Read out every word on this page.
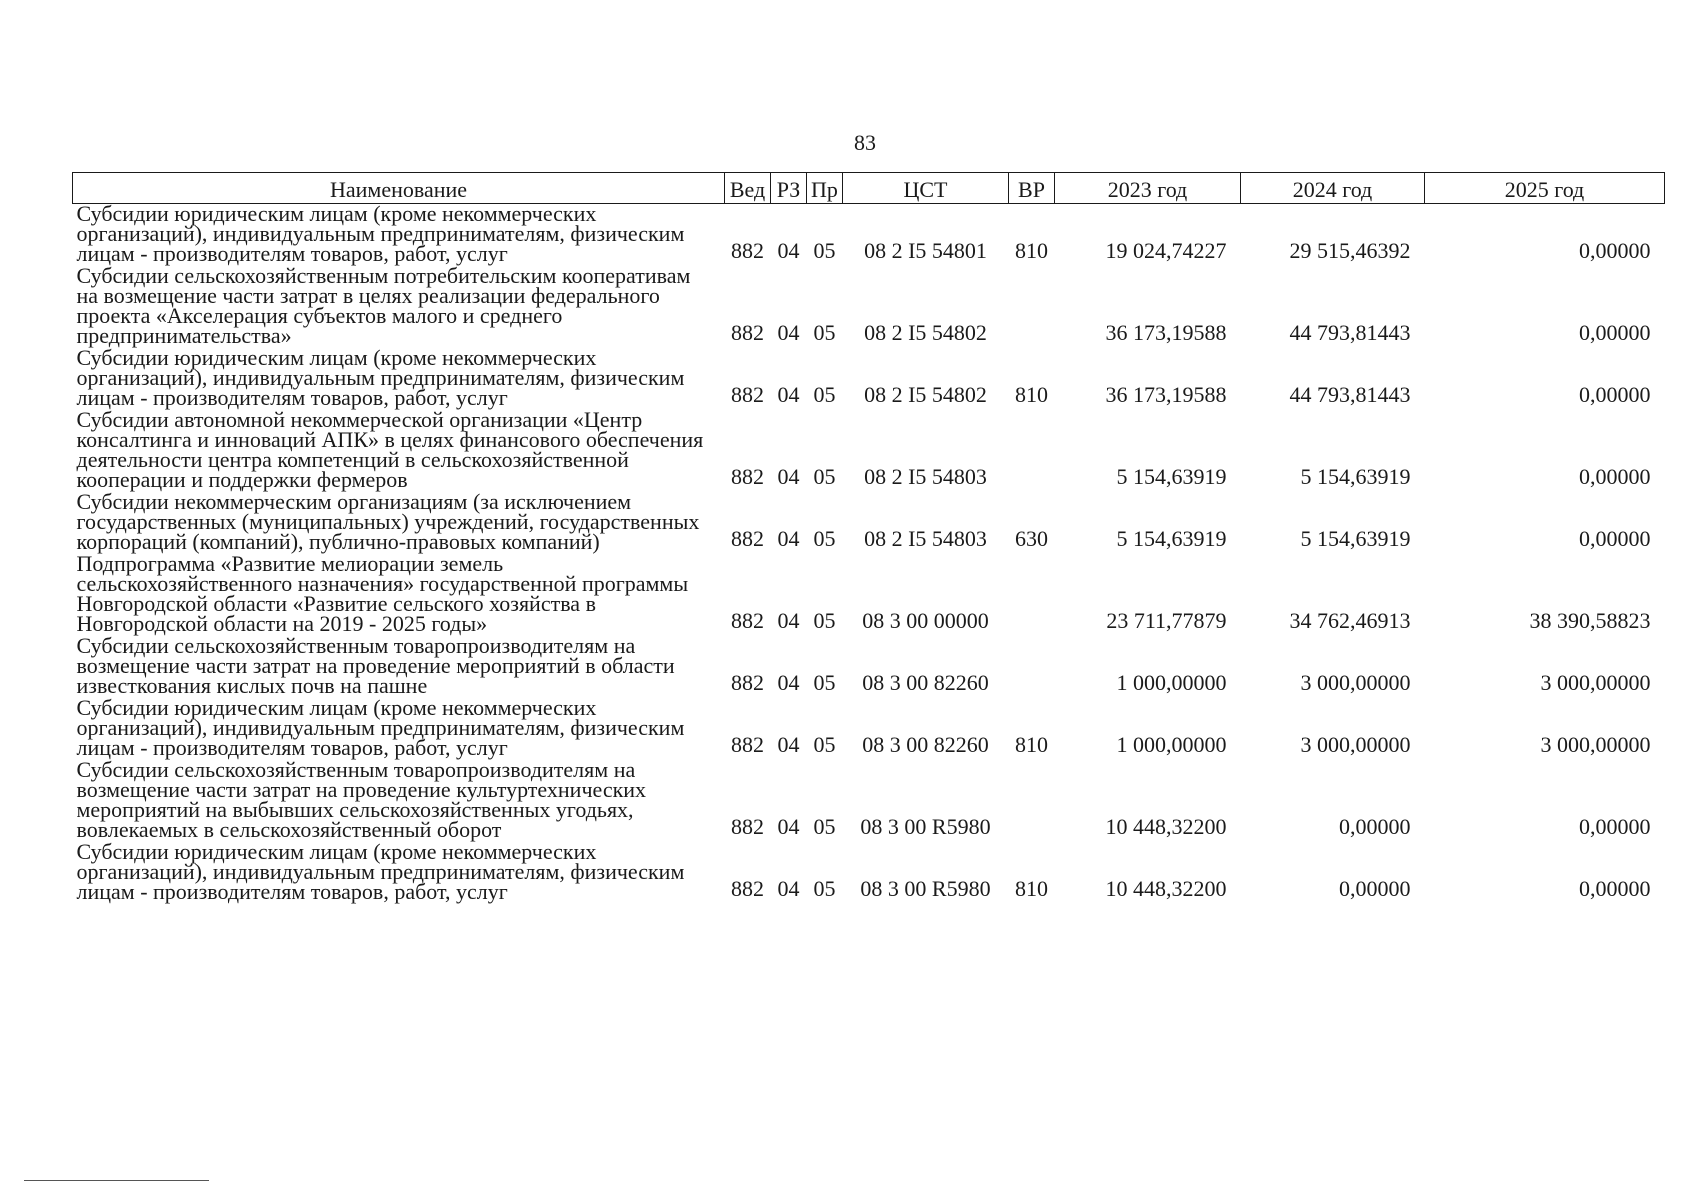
83
Наименование	Вед	РЗ	Пр	ЦСТ	ВР	2023 год	2024 год	2025 год
Субсидии юридическим лицам (кроме некоммерческих организаций), индивидуальным предпринимателям, физическим лицам - производителям товаров, работ, услуг	882	04	05	08 2 I5 54801	810	19 024,74227	29 515,46392	0,00000
Субсидии сельскохозяйственным потребительским кооперативам на возмещение части затрат в целях реализации федерального проекта «Акселерация субъектов малого и среднего предпринимательства»	882	04	05	08 2 I5 54802		36 173,19588	44 793,81443	0,00000
Субсидии юридическим лицам (кроме некоммерческих организаций), индивидуальным предпринимателям, физическим лицам - производителям товаров, работ, услуг	882	04	05	08 2 I5 54802	810	36 173,19588	44 793,81443	0,00000
Субсидии автономной некоммерческой организации «Центр консалтинга и инноваций АПК» в целях финансового обеспечения деятельности центра компетенций в сельскохозяйственной кооперации и поддержки фермеров	882	04	05	08 2 I5 54803		5 154,63919	5 154,63919	0,00000
Субсидии некоммерческим организациям (за исключением государственных (муниципальных) учреждений, государственных корпораций (компаний), публично-правовых компаний)	882	04	05	08 2 I5 54803	630	5 154,63919	5 154,63919	0,00000
Подпрограмма «Развитие мелиорации земель сельскохозяйственного назначения» государственной программы Новгородской области «Развитие сельского хозяйства в Новгородской области на 2019 - 2025 годы»	882	04	05	08 3 00 00000		23 711,77879	34 762,46913	38 390,58823
Субсидии сельскохозяйственным товаропроизводителям на возмещение части затрат на проведение мероприятий в области известкования кислых почв на пашне	882	04	05	08 3 00 82260		1 000,00000	3 000,00000	3 000,00000
Субсидии юридическим лицам (кроме некоммерческих организаций), индивидуальным предпринимателям, физическим лицам - производителям товаров, работ, услуг	882	04	05	08 3 00 82260	810	1 000,00000	3 000,00000	3 000,00000
Субсидии сельскохозяйственным товаропроизводителям на возмещение части затрат на проведение культуртехнических мероприятий на выбывших сельскохозяйственных угодьях, вовлекаемых в сельскохозяйственный оборот	882	04	05	08 3 00 R5980		10 448,32200	0,00000	0,00000
Субсидии юридическим лицам (кроме некоммерческих организаций), индивидуальным предпринимателям, физическим лицам - производителям товаров, работ, услуг	882	04	05	08 3 00 R5980	810	10 448,32200	0,00000	0,00000
